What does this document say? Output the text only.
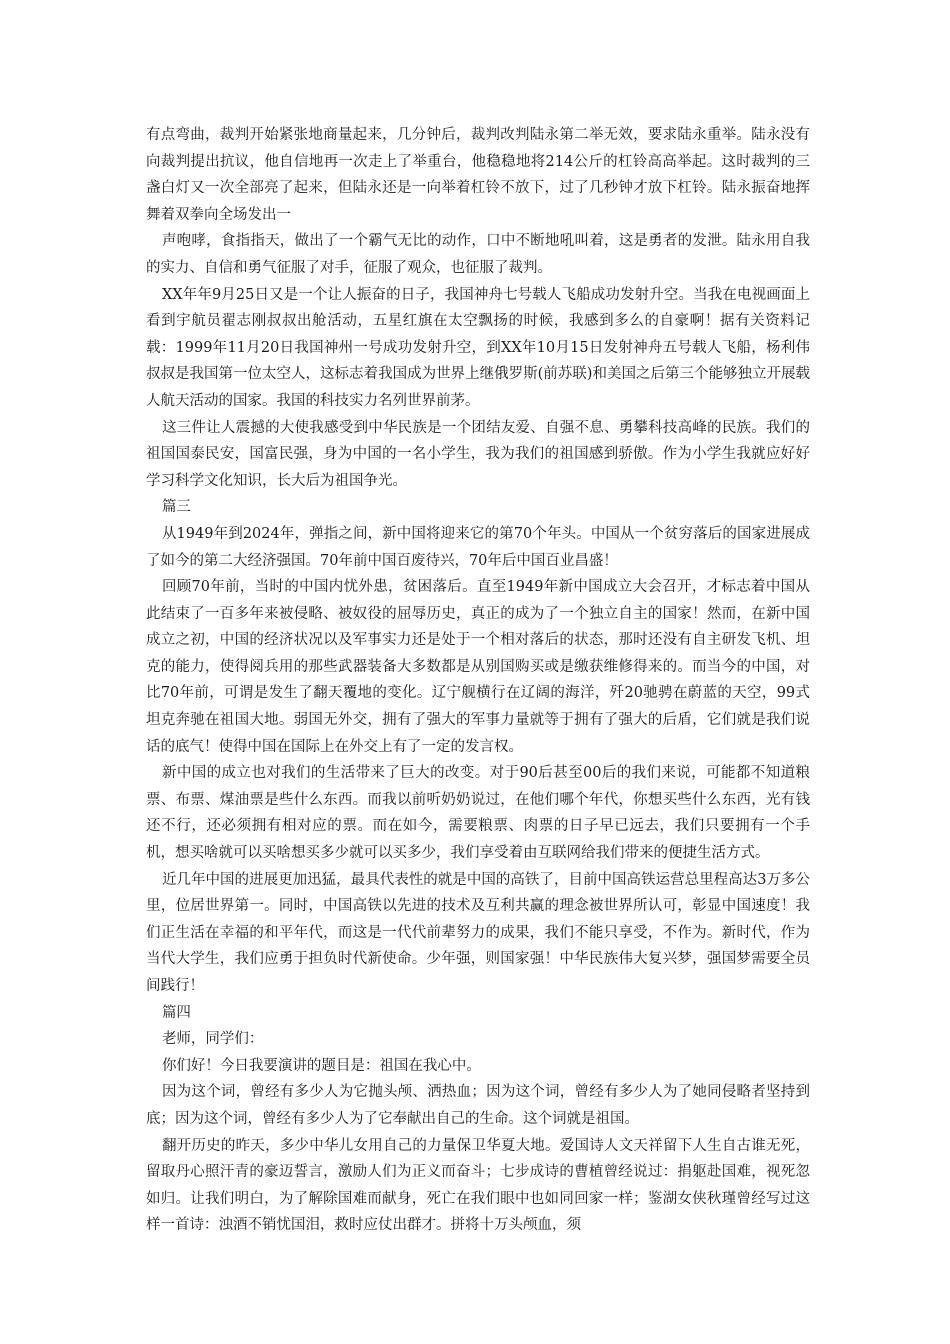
有点弯曲，裁判开始紧张地商量起来，几分钟后，裁判改判陆永第二举无效，要求陆永重举。陆永没有向裁判提出抗议，他自信地再一次走上了举重台，他稳稳地将214公斤的杠铃高高举起。这时裁判的三盏白灯又一次全部亮了起来，但陆永还是一向举着杠铃不放下，过了几秒钟才放下杠铃。陆永振奋地挥舞着双拳向全场发出一

声咆哮，食指指天，做出了一个霸气无比的动作，口中不断地吼叫着，这是勇者的发泄。陆永用自我的实力、自信和勇气征服了对手，征服了观众，也征服了裁判。

XX年年9月25日又是一个让人振奋的日子，我国神舟七号载人飞船成功发射升空。当我在电视画面上看到宇航员翟志刚叔叔出舱活动，五星红旗在太空飘扬的时候，我感到多么的自豪啊！据有关资料记载：1999年11月20日我国神州一号成功发射升空，到XX年10月15日发射神舟五号载人飞船，杨利伟叔叔是我国第一位太空人，这标志着我国成为世界上继俄罗斯(前苏联)和美国之后第三个能够独立开展载人航天活动的国家。我国的科技实力名列世界前茅。

这三件让人震撼的大使我感受到中华民族是一个团结友爱、自强不息、勇攀科技高峰的民族。我们的祖国国泰民安，国富民强，身为中国的一名小学生，我为我们的祖国感到骄傲。作为小学生我就应好好学习科学文化知识，长大后为祖国争光。

篇三

从1949年到2024年，弹指之间，新中国将迎来它的第70个年头。中国从一个贫穷落后的国家进展成了如今的第二大经济强国。70年前中国百废待兴，70年后中国百业昌盛！

回顾70年前，当时的中国内忧外患，贫困落后。直至1949年新中国成立大会召开，才标志着中国从此结束了一百多年来被侵略、被奴役的屈辱历史，真正的成为了一个独立自主的国家！然而，在新中国成立之初，中国的经济状况以及军事实力还是处于一个相对落后的状态，那时还没有自主研发飞机、坦克的能力，使得阅兵用的那些武器装备大多数都是从别国购买或是缴获维修得来的。而当今的中国，对比70年前，可谓是发生了翻天覆地的变化。辽宁舰横行在辽阔的海洋，歼20驰骋在蔚蓝的天空，99式坦克奔驰在祖国大地。弱国无外交，拥有了强大的军事力量就等于拥有了强大的后盾，它们就是我们说话的底气！使得中国在国际上在外交上有了一定的发言权。

新中国的成立也对我们的生活带来了巨大的改变。对于90后甚至00后的我们来说，可能都不知道粮票、布票、煤油票是些什么东西。而我以前听奶奶说过，在他们哪个年代，你想买些什么东西，光有钱还不行，还必须拥有相对应的票。而在如今，需要粮票、肉票的日子早已远去，我们只要拥有一个手机，想买啥就可以买啥想买多少就可以买多少，我们享受着由互联网给我们带来的便捷生活方式。

近几年中国的进展更加迅猛，最具代表性的就是中国的高铁了，目前中国高铁运营总里程高达3万多公里，位居世界第一。同时，中国高铁以先进的技术及互利共赢的理念被世界所认可，彰显中国速度！我们正生活在幸福的和平年代，而这是一代代前辈努力的成果，我们不能只享受，不作为。新时代，作为当代大学生，我们应勇于担负时代新使命。少年强，则国家强！中华民族伟大复兴梦，强国梦需要全员间践行！

篇四

老师，同学们：

你们好！今日我要演讲的题目是：祖国在我心中。

因为这个词，曾经有多少人为它抛头颅、洒热血；因为这个词，曾经有多少人为了她同侵略者坚持到底；因为这个词，曾经有多少人为了它奉献出自己的生命。这个词就是祖国。

翻开历史的昨天，多少中华儿女用自己的力量保卫华夏大地。爱国诗人文天祥留下人生自古谁无死，留取丹心照汗青的豪迈誓言，激励人们为正义而奋斗；七步成诗的曹植曾经说过：捐躯赴国难，视死忽如归。让我们明白，为了解除国难而献身，死亡在我们眼中也如同回家一样；鉴湖女侠秋瑾曾经写过这样一首诗：浊酒不销忧国泪，救时应仗出群才。拼将十万头颅血，须
